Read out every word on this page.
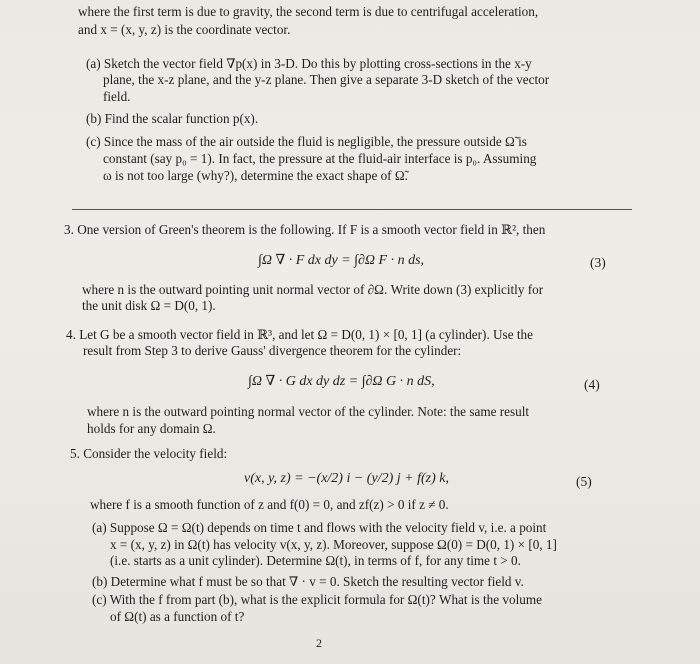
where the first term is due to gravity, the second term is due to centrifugal acceleration,
and x = (x, y, z) is the coordinate vector.
(a) Sketch the vector field ∇p(x) in 3-D. Do this by plotting cross-sections in the x-y
plane, the x-z plane, and the y-z plane. Then give a separate 3-D sketch of the vector
field.
(b) Find the scalar function p(x).
(c) Since the mass of the air outside the fluid is negligible, the pressure outside Ω̃ is
constant (say p₀ = 1). In fact, the pressure at the fluid-air interface is p₀. Assuming
ω is not too large (why?), determine the exact shape of Ω̃.
3. One version of Green's theorem is the following. If F is a smooth vector field in ℝ², then
∫Ω ∇ · F dx dy = ∫∂Ω F · n ds,	(3)
where n is the outward pointing unit normal vector of ∂Ω. Write down (3) explicitly for
the unit disk Ω = D(0, 1).
4. Let G be a smooth vector field in ℝ³, and let Ω = D(0, 1) × [0, 1] (a cylinder). Use the
result from Step 3 to derive Gauss' divergence theorem for the cylinder:
∫Ω ∇ · G dx dy dz = ∫∂Ω G · n dS,	(4)
where n is the outward pointing normal vector of the cylinder. Note: the same result
holds for any domain Ω.
5. Consider the velocity field:
v(x, y, z) = −(x/2) i − (y/2) j + f(z) k,	(5)
where f is a smooth function of z and f(0) = 0, and zf(z) > 0 if z ≠ 0.
(a) Suppose Ω = Ω(t) depends on time t and flows with the velocity field v, i.e. a point
x = (x, y, z) in Ω(t) has velocity v(x, y, z). Moreover, suppose Ω(0) = D(0, 1) × [0, 1]
(i.e. starts as a unit cylinder). Determine Ω(t), in terms of f, for any time t > 0.
(b) Determine what f must be so that ∇ · v = 0. Sketch the resulting vector field v.
(c) With the f from part (b), what is the explicit formula for Ω(t)? What is the volume
of Ω(t) as a function of t?
2
